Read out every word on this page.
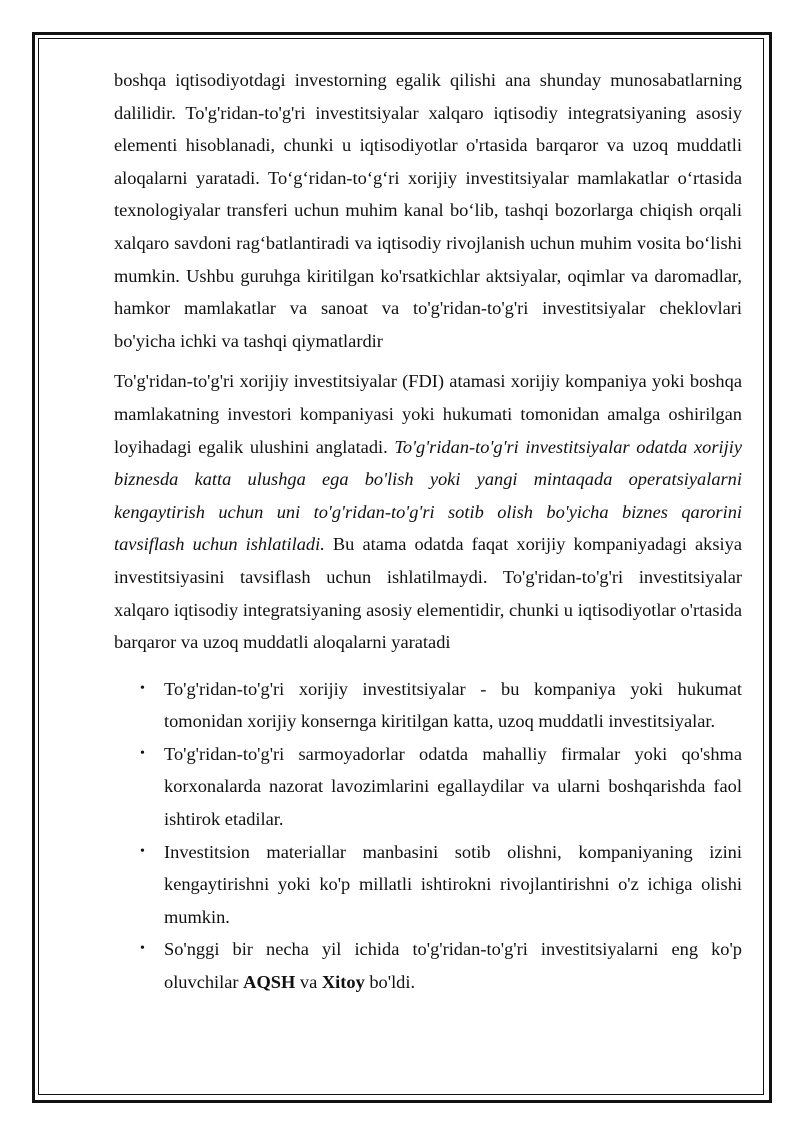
boshqa iqtisodiyotdagi investorning egalik qilishi ana shunday munosabatlarning dalilidir. To'g'ridan-to'g'ri investitsiyalar xalqaro iqtisodiy integratsiyaning asosiy elementi hisoblanadi, chunki u iqtisodiyotlar o'rtasida barqaror va uzoq muddatli aloqalarni yaratadi. To‘g‘ridan-to‘g‘ri xorijiy investitsiyalar mamlakatlar o‘rtasida texnologiyalar transferi uchun muhim kanal bo‘lib, tashqi bozorlarga chiqish orqali xalqaro savdoni rag‘batlantiradi va iqtisodiy rivojlanish uchun muhim vosita bo‘lishi mumkin. Ushbu guruhga kiritilgan ko'rsatkichlar aktsiyalar, oqimlar va daromadlar, hamkor mamlakatlar va sanoat va to'g'ridan-to'g'ri investitsiyalar cheklovlari bo'yicha ichki va tashqi qiymatlardir

To'g'ridan-to'g'ri xorijiy investitsiyalar (FDI) atamasi xorijiy kompaniya yoki boshqa mamlakatning investori kompaniyasi yoki hukumati tomonidan amalga oshirilgan loyihadagi egalik ulushini anglatadi. To'g'ridan-to'g'ri investitsiyalar odatda xorijiy biznesda katta ulushga ega bo'lish yoki yangi mintaqada operatsiyalarni kengaytirish uchun uni to'g'ridan-to'g'ri sotib olish bo'yicha biznes qarorini tavsiflash uchun ishlatiladi. Bu atama odatda faqat xorijiy kompaniyadagi aksiya investitsiyasini tavsiflash uchun ishlatilmaydi. To'g'ridan-to'g'ri investitsiyalar xalqaro iqtisodiy integratsiyaning asosiy elementidir, chunki u iqtisodiyotlar o'rtasida barqaror va uzoq muddatli aloqalarni yaratadi

• To'g'ridan-to'g'ri xorijiy investitsiyalar - bu kompaniya yoki hukumat tomonidan xorijiy konsernga kiritilgan katta, uzoq muddatli investitsiyalar.
• To'g'ridan-to'g'ri sarmoyadorlar odatda mahalliy firmalar yoki qo'shma korxonalarda nazorat lavozimlarini egallaydilar va ularni boshqarishda faol ishtirok etadilar.
• Investitsion materiallar manbasini sotib olishni, kompaniyaning izini kengaytirishni yoki ko'p millatli ishtirokni rivojlantirishni o'z ichiga olishi mumkin.
• So'nggi bir necha yil ichida to'g'ridan-to'g'ri investitsiyalarni eng ko'p oluvchilar AQSH va Xitoy bo'ldi.
